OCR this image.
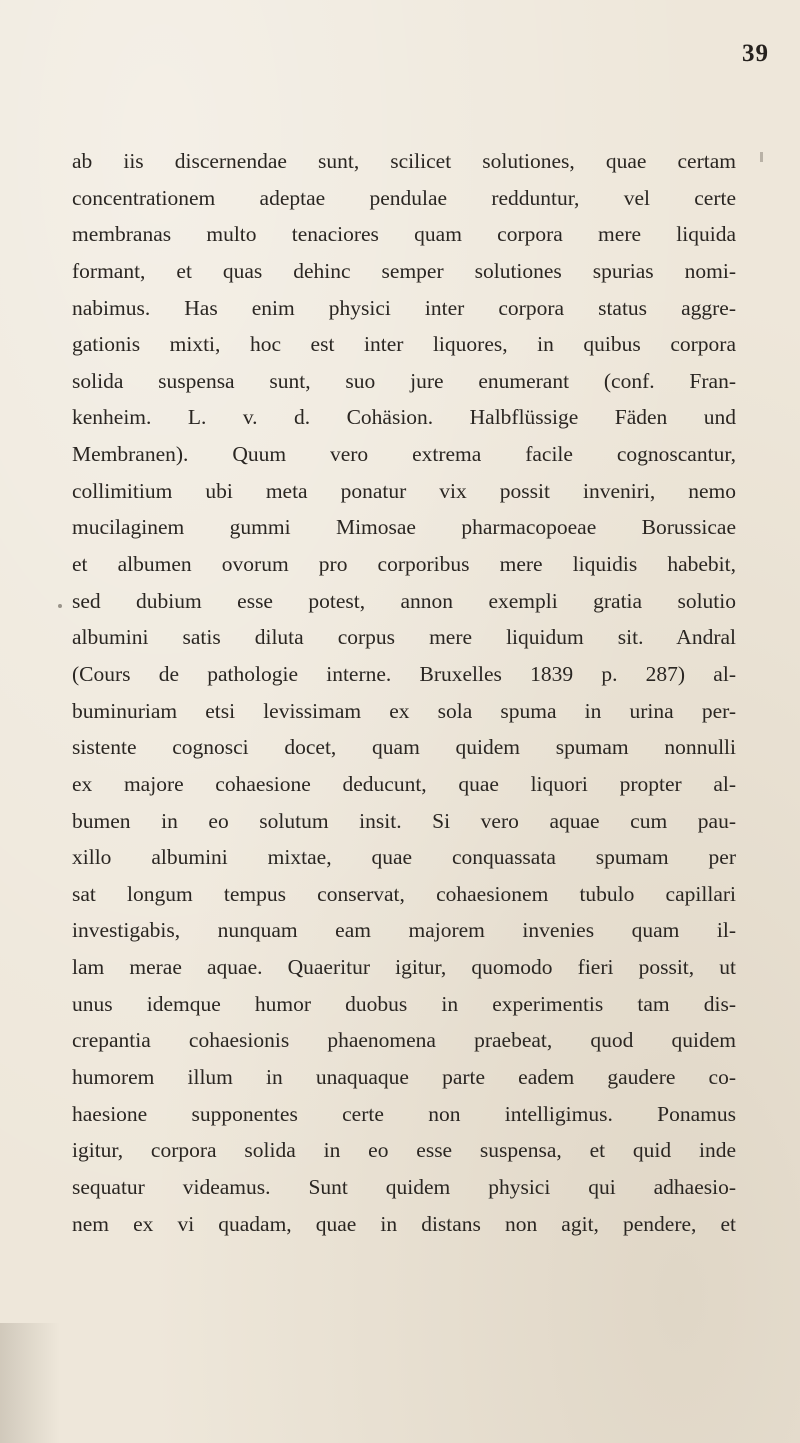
39
ab iis discernendae sunt, scilicet solutiones, quae certam
concentrationem adeptae pendulae redduntur, vel certe
membranas multo tenaciores quam corpora mere liquida
formant, et quas dehinc semper solutiones spurias nomi-
nabimus. Has enim physici inter corpora status aggre-
gationis mixti, hoc est inter liquores, in quibus corpora
solida suspensa sunt, suo jure enumerant (conf. Fran-
kenheim. L. v. d. Cohäsion. Halbflüssige Fäden und
Membranen). Quum vero extrema facile cognoscantur,
collimitium ubi meta ponatur vix possit inveniri, nemo
mucilaginem gummi Mimosae pharmacopoeae Borussicae
et albumen ovorum pro corporibus mere liquidis habebit,
sed dubium esse potest, annon exempli gratia solutio
albumini satis diluta corpus mere liquidum sit. Andral
(Cours de pathologie interne. Bruxelles 1839 p. 287) al-
buminuriam etsi levissimam ex sola spuma in urina per-
sistente cognosci docet, quam quidem spumam nonnulli
ex majore cohaesione deducunt, quae liquori propter al-
bumen in eo solutum insit. Si vero aquae cum pau-
xillo albumini mixtae, quae conquassata spumam per
sat longum tempus conservat, cohaesionem tubulo capillari
investigabis, nunquam eam majorem invenies quam il-
lam merae aquae. Quaeritur igitur, quomodo fieri possit, ut
unus idemque humor duobus in experimentis tam dis-
crepantia cohaesionis phaenomena praebeat, quod quidem
humorem illum in unaquaque parte eadem gaudere co-
haesione supponentes certe non intelligimus. Ponamus
igitur, corpora solida in eo esse suspensa, et quid inde
sequatur videamus. Sunt quidem physici qui adhaesio-
nem ex vi quadam, quae in distans non agit, pendere, et
